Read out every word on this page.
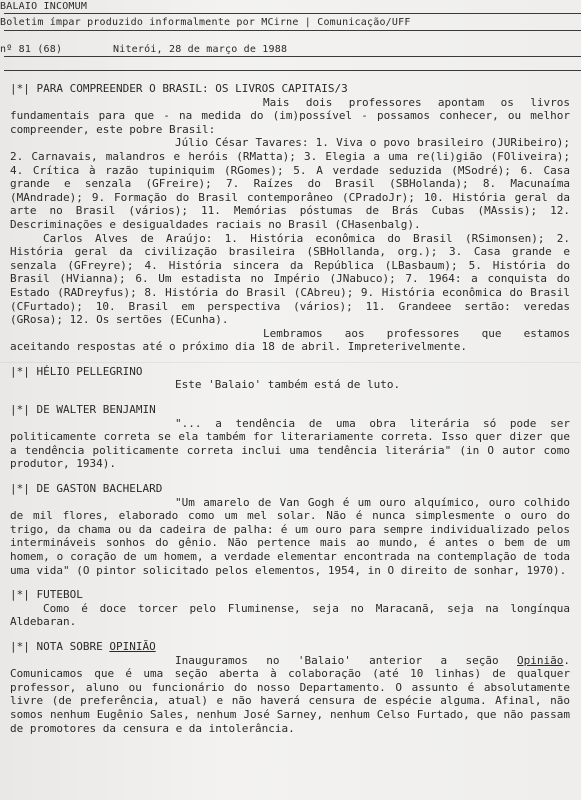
BALAIO INCOMUM
Boletim ímpar produzido informalmente por MCirne | Comunicação/UFF
nº 81 (68)	Niterói, 28 de março de 1988
|*| PARA COMPREENDER O BRASIL: OS LIVROS CAPITAIS/3
Mais dois professores apontam os livros fundamentais para que - na medida do (im)possível - possamos conhecer, ou melhor compreender, este pobre Brasil:
Júlio César Tavares: 1. Viva o povo brasileiro (JURibeiro); 2. Carnavais, malandros e heróis (RMatta); 3. Elegia a uma re(li)gião (FOliveira); 4. Crítica à razão tupiniquim (RGomes); 5. A verdade seduzida (MSodré); 6. Casa grande e senzala (GFreire); 7. Raízes do Brasil (SBHolanda); 8. Macunaíma (MAndrade); 9. Formação do Brasil contemporâneo (CPradoJr); 10. História geral da arte no Brasil (vários); 11. Memórias póstumas de Brás Cubas (MAssis); 12. Descriminações e desigualdades raciais no Brasil (CHasenbalg).
Carlos Alves de Araújo: 1. História econômica do Brasil (RSimonsen); 2. História geral da civilização brasileira (SBHollanda, org.); 3. Casa grande e senzala (GFreyre); 4. História sincera da República (LBasbaum); 5. História do Brasil (HVianna); 6. Um estadista no Império (JNabuco); 7. 1964: a conquista do Estado (RADreyfus); 8. História do Brasil (CAbreu); 9. História econômica do Brasil (CFurtado); 10. Brasil em perspectiva (vários); 11. Grandeee sertão: veredas (GRosa); 12. Os sertões (ECunha).
Lembramos aos professores que estamos aceitando respostas até o próximo dia 18 de abril. Impreterivelmente.
|*| HÉLIO PELLEGRINO
Este 'Balaio' também está de luto.
|*| DE WALTER BENJAMIN
"... a tendência de uma obra literária só pode ser politicamente correta se ela também for literariamente correta. Isso quer dizer que a tendência politicamente correta inclui uma tendência literária" (in O autor como produtor, 1934).
|*| DE GASTON BACHELARD
"Um amarelo de Van Gogh é um ouro alquímico, ouro colhido de mil flores, elaborado como um mel solar. Não é nunca simplesmente o ouro do trigo, da chama ou da cadeira de palha: é um ouro para sempre individualizado pelos intermináveis sonhos do gênio. Não pertence mais ao mundo, é antes o bem de um homem, o coração de um homem, a verdade elementar encontrada na contemplação de toda uma vida" (O pintor solicitado pelos elementos, 1954, in O direito de sonhar, 1970).
|*| FUTEBOL
Como é doce torcer pelo Fluminense, seja no Maracanã, seja na longínqua Aldebaran.
|*| NOTA SOBRE OPINIÃO
Inauguramos no 'Balaio' anterior a seção Opinião. Comunicamos que é uma seção aberta à colaboração (até 10 linhas) de qualquer professor, aluno ou funcionário do nosso Departamento. O assunto é absolutamente livre (de preferência, atual) e não haverá censura de espécie alguma. Afinal, não somos nenhum Eugênio Sales, nenhum José Sarney, nenhum Celso Furtado, que não passam de promotores da censura e da intolerância.
